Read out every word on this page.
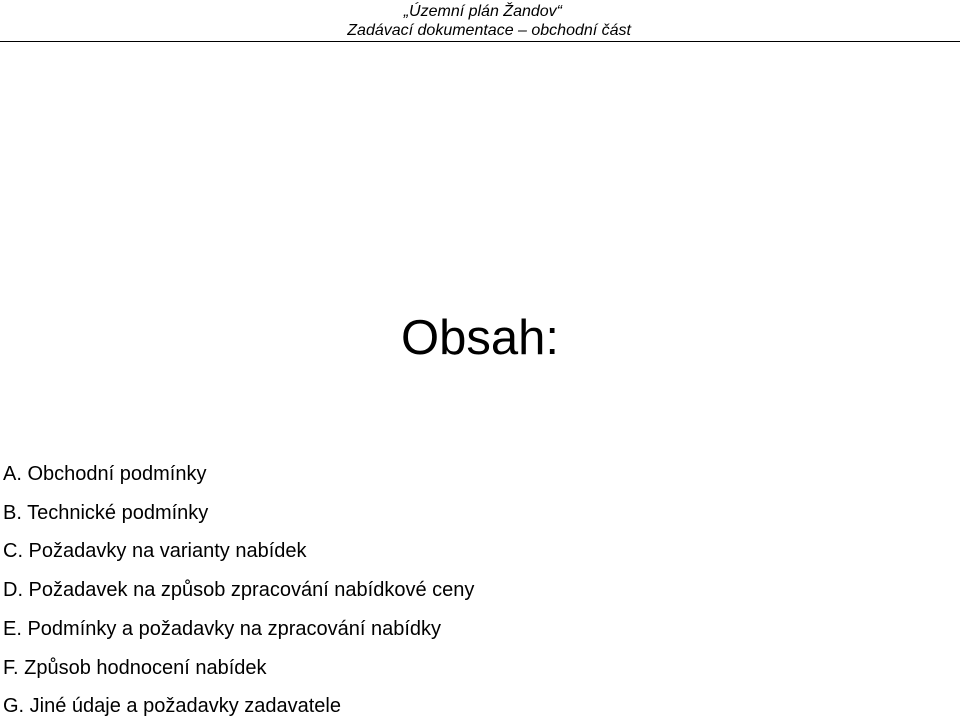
„Územní plán Žandov“
Zadávací dokumentace – obchodní část
Obsah:
A. Obchodní podmínky
B. Technické podmínky
C. Požadavky na varianty nabídek
D. Požadavek na způsob zpracování nabídkové ceny
E. Podmínky a požadavky na zpracování nabídky
F. Způsob hodnocení nabídek
G. Jiné údaje a požadavky zadavatele
